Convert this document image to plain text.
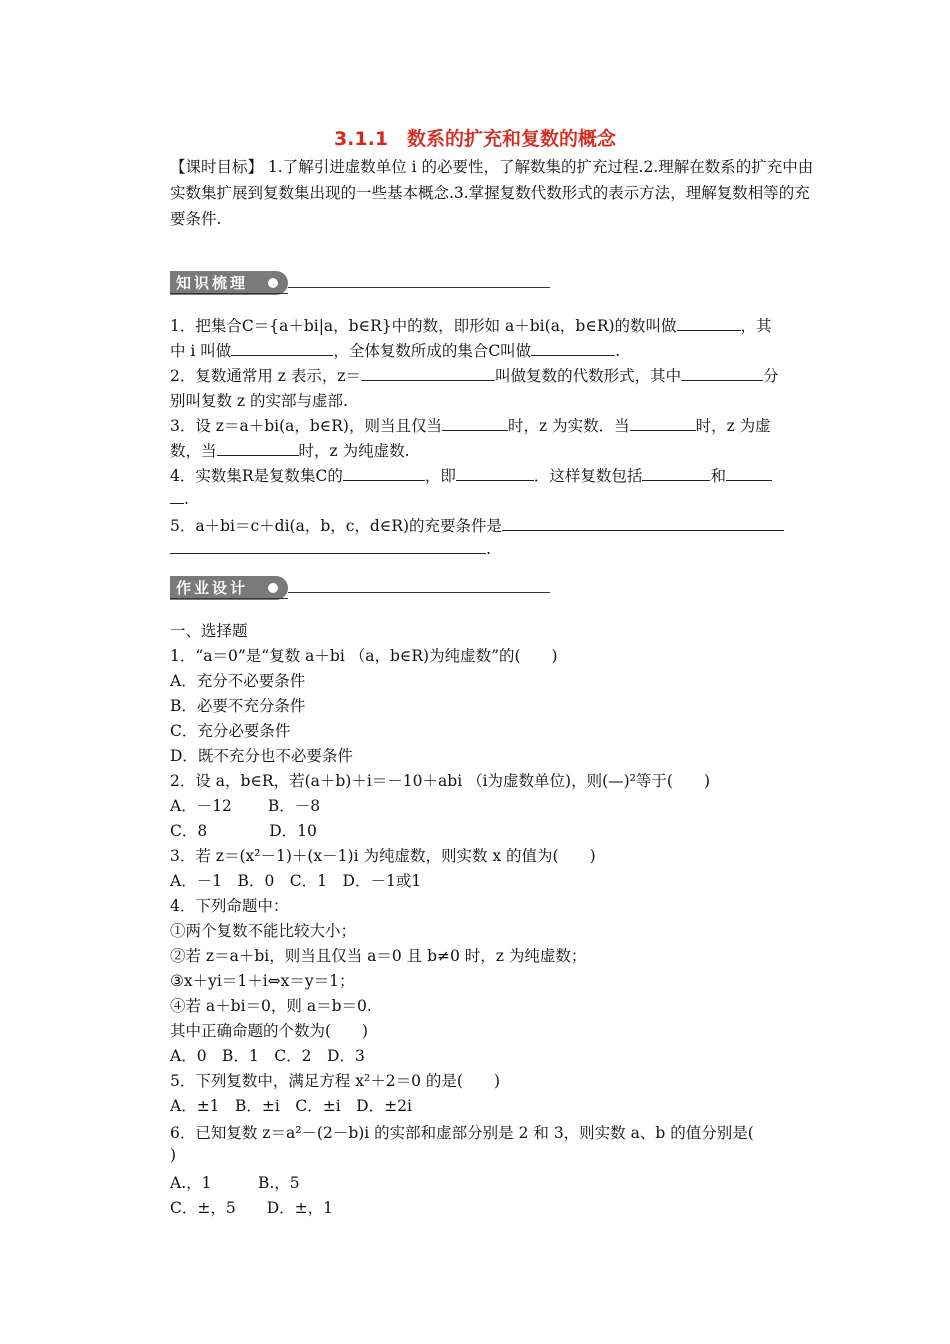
3.1.1　数系的扩充和复数的概念
【课时目标】 1.了解引进虚数单位 i 的必要性，了解数集的扩充过程.2.理解在数系的扩充中由实数集扩展到复数集出现的一些基本概念.3.掌握复数代数形式的表示方法，理解复数相等的充要条件.
知识梳理
1．把集合C＝{a＋bi|a，b∈R}中的数，即形如 a＋bi(a，b∈R)的数叫做	，其
中 i 叫做	，全体复数所成的集合C叫做	.
2．复数通常用 z 表示，z＝	叫做复数的代数形式，其中	分
别叫复数 z 的实部与虚部.
3．设 z＝a＋bi(a，b∈R)，则当且仅当	时，z 为实数．当	时，z 为虚
数，当	时，z 为纯虚数.
4．实数集R是复数集C的	，即	．这样复数包括	和
.
5．a＋bi＝c＋di(a，b，c，d∈R)的充要条件是
.
作业设计
一、选择题
1．“a＝0”是“复数 a＋bi （a，b∈R)为纯虚数”的(　　)
A．充分不必要条件
B．必要不充分条件
C．充分必要条件
D．既不充分也不必要条件
2．设 a，b∈R，若(a＋b)＋i＝－10＋abi （i为虚数单位)，则(—)²等于(　　)
A．－12　　 B．－8
C．8　　　　D．10
3．若 z＝(x²－1)＋(x－1)i 为纯虚数，则实数 x 的值为(　　)
A．－1　B．0　C．1　D．－1或1
4．下列命题中：
①两个复数不能比较大小；
②若 z＝a＋bi，则当且仅当 a＝0 且 b≠0 时，z 为纯虚数；
③x＋yi＝1＋i⇔x＝y＝1；
④若 a＋bi＝0，则 a＝b＝0.
其中正确命题的个数为(　　)
A．0　B．1　C．2　D．3
5．下列复数中，满足方程 x²＋2＝0 的是(　　)
A．±1　B．±i　C．±i　D．±2i
6．已知复数 z＝a²－(2－b)i 的实部和虚部分别是 2 和 3，则实数 a、b 的值分别是(
)
A.，1　　　B.，5
C．±，5　　D．±，1
